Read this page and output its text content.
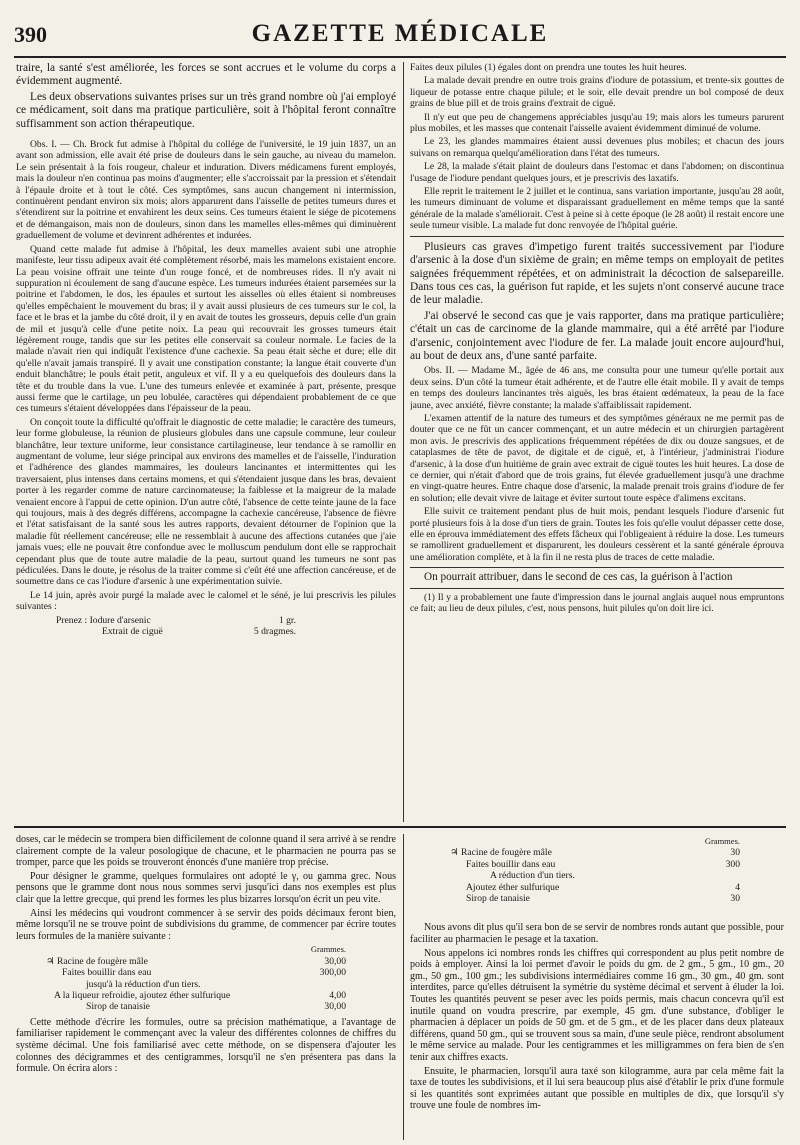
390	GAZETTE MÉDICALE

traire, la santé s'est améliorée, les forces se sont accrues et le volume du corps a évidemment augmenté.

Les deux observations suivantes prises sur un très grand nombre où j'ai employé ce médicament, soit dans ma pratique particulière, soit à l'hôpital feront connaître suffisamment son action thérapeutique.

Obs. I. — Ch. Brock fut admise à l'hôpital du collége de l'université, le 19 juin 1837, un an avant son admission, elle avait été prise de douleurs dans le sein gauche, au niveau du mamelon. Le sein présentait à la fois rougeur, chaleur et induration. Divers médicamens furent employés, mais la douleur n'en continua pas moins d'augmenter; elle s'accroissait par la pression et s'étendait à l'épaule droite et à tout le côté. Ces symptômes, sans aucun changement ni intermission, continuèrent pendant environ six mois; alors apparurent dans l'aisselle de petites tumeurs dures et s'étendirent sur la poitrine et envahirent les deux seins. Ces tumeurs étaient le siége de picotemens et de démangaison, mais non de douleurs, sinon dans les mamelles elles-mêmes qui diminuèrent graduellement de volume et devinrent adhérentes et indurées.

Quand cette malade fut admise à l'hôpital, les deux mamelles avaient subi une atrophie manifeste, leur tissu adipeux avait été complètement résorbé, mais les mamelons existaient encore. La peau voisine offrait une teinte d'un rouge foncé, et de nombreuses rides. Il n'y avait ni suppuration ni écoulement de sang d'aucune espèce. Les tumeurs indurées étaient parsemées sur la poitrine et l'abdomen, le dos, les épaules et surtout les aisselles où elles étaient si nombreuses qu'elles empêchaient le mouvement du bras; il y avait aussi plusieurs de ces tumeurs sur le col, la face et le bras et la jambe du côté droit, il y en avait de toutes les grosseurs, depuis celle d'un grain de mil et jusqu'à celle d'une petite noix. La peau qui recouvrait les grosses tumeurs était légèrement rouge, tandis que sur les petites elle conservait sa couleur normale. Le facies de la malade n'avait rien qui indiquât l'existence d'une cachexie. Sa peau était sèche et dure; elle dit qu'elle n'avait jamais transpiré. Il y avait une constipation constante; la langue était couverte d'un enduit blanchâtre; le pouls était petit, anguleux et vif. Il y a eu quelquefois des douleurs dans la tête et du trouble dans la vue. L'une des tumeurs enlevée et examinée à part, présente, presque aussi ferme que le cartilage, un peu lobulée, caractères qui dépendaient probablement de ce que ces tumeurs s'étaient développées dans l'épaisseur de la peau.

On conçoit toute la difficulté qu'offrait le diagnostic de cette maladie; le caractère des tumeurs, leur forme globuleuse, la réunion de plusieurs globules dans une capsule commune, leur couleur blanchâtre, leur texture uniforme, leur consistance cartilagineuse, leur tendance à se ramollir en augmentant de volume, leur siége principal aux environs des mamelles et de l'aisselle, l'induration et l'adhérence des glandes mammaires, les douleurs lancinantes et intermittentes qui les traversaient, plus intenses dans certains momens, et qui s'étendaient jusque dans les bras, devaient porter à les regarder comme de nature carcinomateuse; la faiblesse et la maigreur de la malade venaient encore à l'appui de cette opinion. D'un autre côté, l'absence de cette teinte jaune de la face qui toujours, mais à des degrés différens, accompagne la cachexie cancéreuse, l'absence de fièvre et l'état satisfaisant de la santé sous les autres rapports, devaient détourner de l'opinion que la maladie fût réellement cancéreuse; elle ne ressemblait à aucune des affections cutanées que j'aie jamais vues; elle ne pouvait être confondue avec le molluscum pendulum dont elle se rapprochait cependant plus que de toute autre maladie de la peau, surtout quand les tumeurs ne sont pas pédiculées. Dans le doute, je résolus de la traiter comme si c'eût été une affection cancéreuse, et de soumettre dans ce cas l'iodure d'arsenic à une expérimentation suivie.

Le 14 juin, après avoir purgé la malade avec le calomel et le séné, je lui prescrivis les pilules suivantes :

Prenez : Iodure d'arsenic	1 gr.
Extrait de ciguë	5 dragmes.

Faites deux pilules (1) égales dont on prendra une toutes les huit heures.

La malade devait prendre en outre trois grains d'iodure de potassium, et trente-six gouttes de liqueur de potasse entre chaque pilule; et le soir, elle devait prendre un bol composé de deux grains de blue pill et de trois grains d'extrait de ciguë.

Il n'y eut que peu de changemens appréciables jusqu'au 19; mais alors les tumeurs parurent plus mobiles, et les masses que contenait l'aisselle avaient évidemment diminué de volume.

Le 23, les glandes mammaires étaient aussi devenues plus mobiles; et chacun des jours suivans on remarqua quelqu'amélioration dans l'état des tumeurs.

Le 28, la malade s'était plaint de douleurs dans l'estomac et dans l'abdomen; on discontinua l'usage de l'iodure pendant quelques jours, et je prescrivis des laxatifs.

Elle reprit le traitement le 2 juillet et le continua, sans variation importante, jusqu'au 28 août, les tumeurs diminuant de volume et disparaissant graduellement en même temps que la santé générale de la malade s'améliorait. C'est à peine si à cette époque (le 28 août) il restait encore une seule tumeur visible. La malade fut donc renvoyée de l'hôpital guérie.

Plusieurs cas graves d'impetigo furent traités successivement par l'iodure d'arsenic à la dose d'un sixième de grain; en même temps on employait de petites saignées fréquemment répétées, et on administrait la décoction de salsepareille. Dans tous ces cas, la guérison fut rapide, et les sujets n'ont conservé aucune trace de leur maladie.

J'ai observé le second cas que je vais rapporter, dans ma pratique particulière; c'était un cas de carcinome de la glande mammaire, qui a été arrêté par l'iodure d'arsenic, conjointement avec l'iodure de fer. La malade jouit encore aujourd'hui, au bout de deux ans, d'une santé parfaite.

Obs. II. — Madame M., âgée de 46 ans, me consulta pour une tumeur qu'elle portait aux deux seins. D'un côté la tumeur était adhérente, et de l'autre elle était mobile. Il y avait de temps en temps des douleurs lancinantes très aiguës, les bras étaient œdémateux, la peau de la face jaune, avec anxiété, fièvre constante; la malade s'affaiblissait rapidement.

L'examen attentif de la nature des tumeurs et des symptômes généraux ne me permit pas de douter que ce ne fût un cancer commençant, et un autre médecin et un chirurgien partagèrent mon avis. Je prescrivis des applications fréquemment répétées de dix ou douze sangsues, et de cataplasmes de tête de pavot, de digitale et de ciguë, et, à l'intérieur, j'administrai l'iodure d'arsenic, à la dose d'un huitième de grain avec extrait de ciguë toutes les huit heures. La dose de ce dernier, qui n'était d'abord que de trois grains, fut élevée graduellement jusqu'à une drachme en vingt-quatre heures. Entre chaque dose d'arsenic, la malade prenait trois grains d'iodure de fer en solution; elle devait vivre de laitage et éviter surtout toute espèce d'alimens excitans.

Elle suivit ce traitement pendant plus de huit mois, pendant lesquels l'iodure d'arsenic fut porté plusieurs fois à la dose d'un tiers de grain. Toutes les fois qu'elle voulut dépasser cette dose, elle en éprouva immédiatement des effets fâcheux qui l'obligeaient à réduire la dose. Les tumeurs se ramollirent graduellement et disparurent, les douleurs cessèrent et la santé générale éprouva une amélioration complète, et à la fin il ne resta plus de traces de cette maladie.

On pourrait attribuer, dans le second de ces cas, la guérison à l'action

(1) Il y a probablement une faute d'impression dans le journal anglais auquel nous empruntons ce fait; au lieu de deux pilules, c'est, nous pensons, huit pilules qu'on doit lire ici.

doses, car le médecin se trompera bien difficilement de colonne quand il sera arrivé à se rendre clairement compte de la valeur posologique de chacune, et le pharmacien ne pourra pas se tromper, parce que les poids se trouveront énoncés d'une manière trop précise.

Pour désigner le gramme, quelques formulaires ont adopté le γ, ou gamma grec. Nous pensons que le gramme dont nous nous sommes servi jusqu'ici dans nos exemples est plus clair que la lettre grecque, qui prend les formes les plus bizarres lorsqu'on écrit un peu vite.

Ainsi les médecins qui voudront commencer à se servir des poids décimaux feront bien, même lorsqu'il ne se trouve point de subdivisions du gramme, de commencer par écrire toutes leurs formules de la manière suivante :

Grammes.
♃ Racine de fougère mâle	30,00
Faites bouillir dans eau	300,00
jusqu'à la réduction d'un tiers.
A la liqueur refroidie, ajoutez éther sulfurique	4,00
Sirop de tanaisie	30,00

Cette méthode d'écrire les formules, outre sa précision mathématique, a l'avantage de familiariser rapidement le commençant avec la valeur des différentes colonnes de chiffres du système décimal. Une fois familiarisé avec cette méthode, on se dispensera d'ajouter les colonnes des décigrammes et des centigrammes, lorsqu'il ne s'en présentera pas dans la formule. On écrira alors :

Grammes.
♃ Racine de fougère mâle	30
Faites bouillir dans eau	300
A réduction d'un tiers.
Ajoutez éther sulfurique	4
Sirop de tanaisie	30

Nous avons dit plus qu'il sera bon de se servir de nombres ronds autant que possible, pour faciliter au pharmacien le pesage et la taxation.

Nous appelons ici nombres ronds les chiffres qui correspondent au plus petit nombre de poids à employer. Ainsi la loi permet d'avoir le poids du gm. de 2 gm., 5 gm., 10 gm., 20 gm., 50 gm., 100 gm.; les subdivisions intermédiaires comme 16 gm., 30 gm., 40 gm. sont interdites, parce qu'elles détruisent la symétrie du système décimal et servent à éluder la loi. Toutes les quantités peuvent se peser avec les poids permis, mais chacun concevra qu'il est inutile quand on voudra prescrire, par exemple, 45 gm. d'une substance, d'obliger le pharmacien à déplacer un poids de 50 gm. et de 5 gm., et de les placer dans deux plateaux différens, quand 50 gm., qui se trouvent sous sa main, d'une seule pièce, rendront absolument le même service au malade. Pour les centigrammes et les milligrammes on fera bien de s'en tenir aux chiffres exacts.

Ensuite, le pharmacien, lorsqu'il aura taxé son kilogramme, aura par cela même fait la taxe de toutes les subdivisions, et il lui sera beaucoup plus aisé d'établir le prix d'une formule si les quantités sont exprimées autant que possible en multiples de dix, que lorsqu'il s'y trouve une foule de nombres im-
